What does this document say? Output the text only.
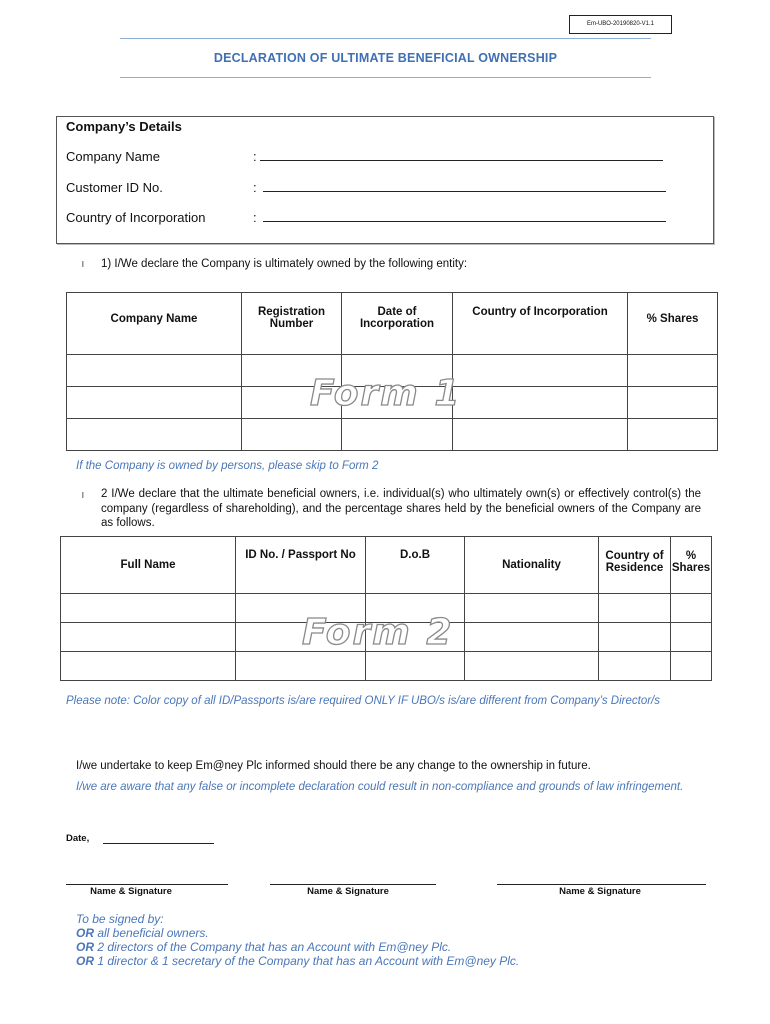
Em-UBO-20190820-V1.1
DECLARATION OF ULTIMATE BENEFICIAL OWNERSHIP
Company’s Details
Company Name	:
Customer ID No.	:
Country of Incorporation	:
l 1) I/We declare the Company is ultimately owned by the following entity:
Company Name	Registration Number	Date of Incorporation	Country of Incorporation	% Shares

Form 1
If the Company is owned by persons, please skip to Form 2
l 2 I/We declare that the ultimate beneficial owners, i.e. individual(s) who ultimately own(s) or effectively control(s) the company (regardless of shareholding), and the percentage shares held by the beneficial owners of the Company are as follows.
Full Name	ID No. / Passport No	D.o.B	Nationality	Country of Residence	% Shares

Form 2
Please note: Color copy of all ID/Passports is/are required ONLY IF UBO/s is/are different from Company’s Director/s
I/we undertake to keep Em@ney Plc informed should there be any change to the ownership in future.
I/we are aware that any false or incomplete declaration could result in non-compliance and grounds of law infringement.
Date,
Name & Signature	Name & Signature	Name & Signature
To be signed by:
OR all beneficial owners.
OR 2 directors of the Company that has an Account with Em@ney Plc.
OR 1 director & 1 secretary of the Company that has an Account with Em@ney Plc.
